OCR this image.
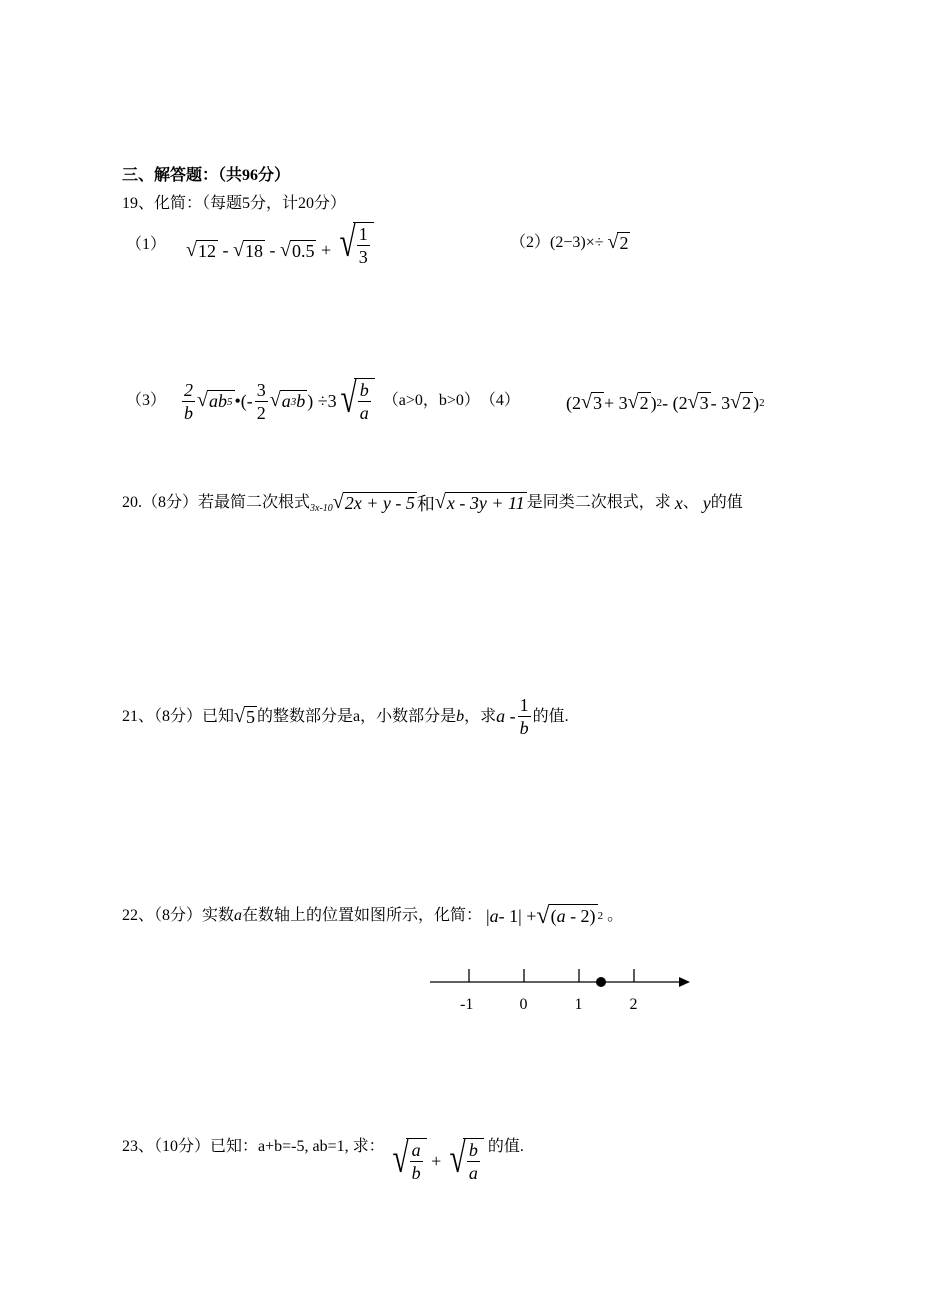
三、解答题：（共96分）
19、化简：（每题5分，计20分）
（1） √ 12 - √ 18 - √ 0.5 + √ $\frac{1}{3}$	（2） (2−3)×÷ √ 2
$(3) \frac{2}{b}$ √ ab 5 •(- $\frac{3}{2}$ √ a 3 b ) ÷3 √ $\frac{b}{a} (a>0$，b>0） （4）	(2 √ 3 + 3 √ 2 ) 2 - (2 √ 3 - 3 √ 2 ) 2
20.（8分）若最简二次根式 3x-10 √ 2x + y - 5 和 √ x - 3y + 11 是同类二次根式，求 x 、 y 的值
21、（8分）已知 √ 5 的整数部分是a，小数部分是 b ，求 a - $\frac{1}{b}$ 的值.
22、（8分）实数 a 在数轴上的位置如图所示，化简： | a - 1| + √ ( a - 2) 2 。
-1	0	1	2
23、（10分）已知：a+b=-5, ab=1, 求： √ $\frac{a}{b}$ + √ $\frac{b}{a}$ 的值.
